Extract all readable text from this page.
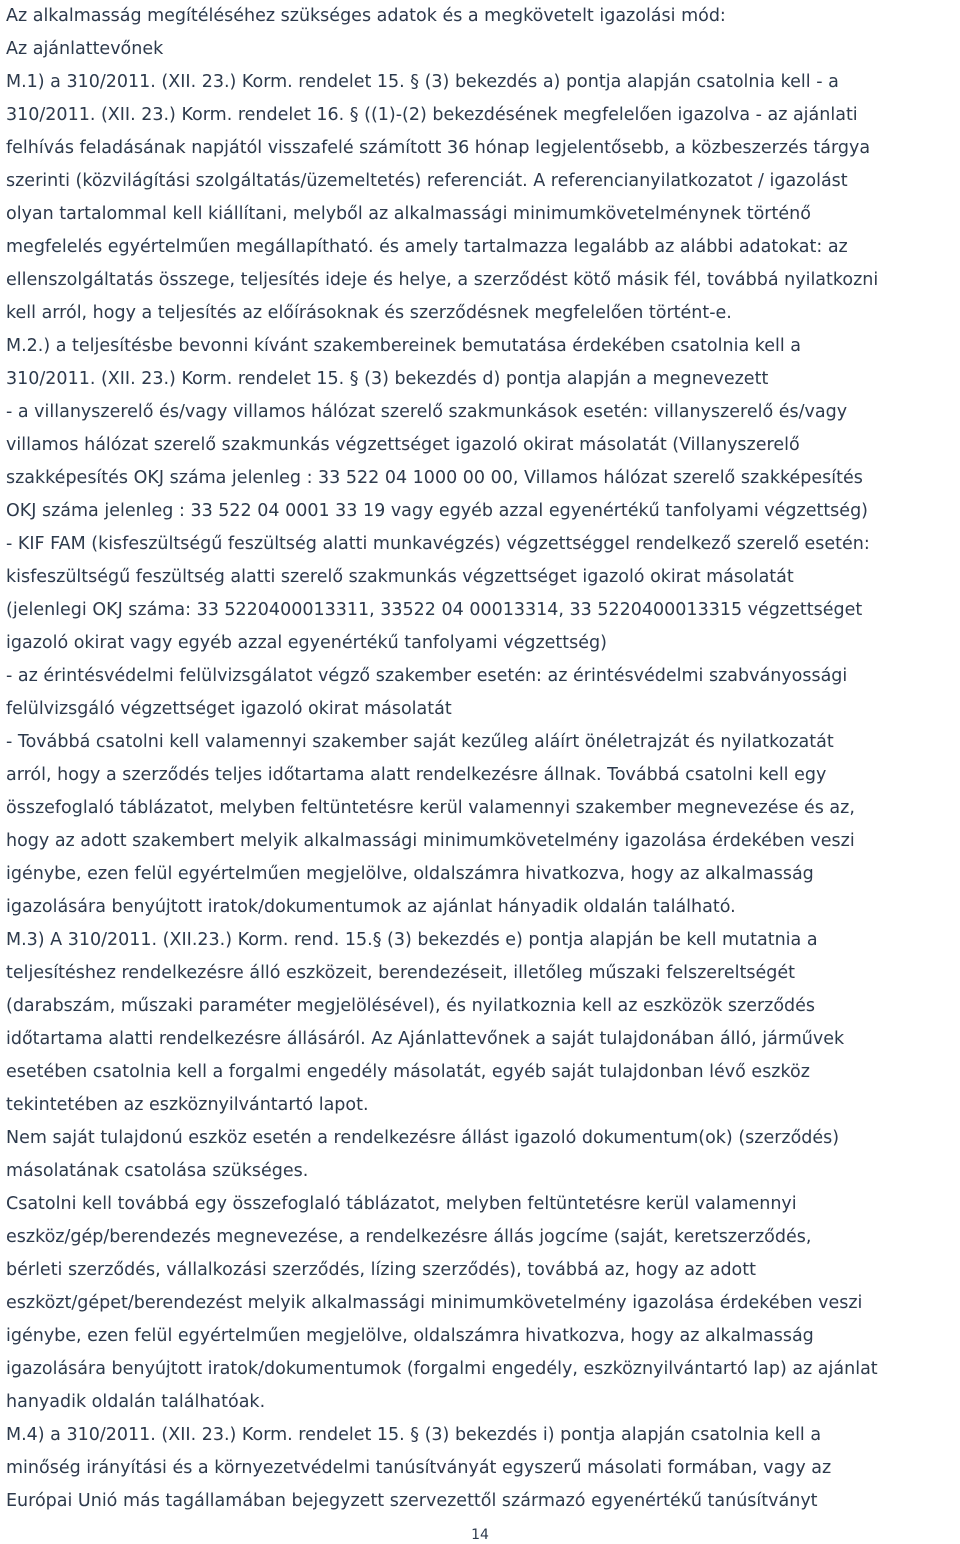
Az alkalmasság megítéléséhez szükséges adatok és a megkövetelt igazolási mód:
Az ajánlattevőnek
M.1) a 310/2011. (XII. 23.) Korm. rendelet 15. § (3) bekezdés a) pontja alapján csatolnia kell - a
310/2011. (XII. 23.) Korm. rendelet 16. § ((1)-(2) bekezdésének megfelelően igazolva - az ajánlati
felhívás feladásának napjától visszafelé számított 36 hónap legjelentősebb, a közbeszerzés tárgya
szerinti (közvilágítási szolgáltatás/üzemeltetés) referenciát. A referencianyilatkozatot / igazolást
olyan tartalommal kell kiállítani, melyből az alkalmassági minimumkövetelménynek történő
megfelelés egyértelműen megállapítható. és amely tartalmazza legalább az alábbi adatokat: az
ellenszolgáltatás összege, teljesítés ideje és helye, a szerződést kötő másik fél, továbbá nyilatkozni
kell arról, hogy a teljesítés az előírásoknak és szerződésnek megfelelően történt-e.
M.2.) a teljesítésbe bevonni kívánt szakembereinek bemutatása érdekében csatolnia kell a
310/2011. (XII. 23.) Korm. rendelet 15. § (3) bekezdés d) pontja alapján a megnevezett
- a villanyszerelő és/vagy villamos hálózat szerelő szakmunkások esetén: villanyszerelő és/vagy
villamos hálózat szerelő szakmunkás végzettséget igazoló okirat másolatát (Villanyszerelő
szakképesítés OKJ száma jelenleg : 33 522 04 1000 00 00, Villamos hálózat szerelő szakképesítés
OKJ száma jelenleg : 33 522 04 0001 33 19 vagy egyéb azzal egyenértékű tanfolyami végzettség)
- KIF FAM (kisfeszültségű feszültség alatti munkavégzés) végzettséggel rendelkező szerelő esetén:
kisfeszültségű feszültség alatti szerelő szakmunkás végzettséget igazoló okirat másolatát
(jelenlegi OKJ száma: 33 5220400013311, 33522 04 00013314, 33 5220400013315 végzettséget
igazoló okirat vagy egyéb azzal egyenértékű tanfolyami végzettség)
- az érintésvédelmi felülvizsgálatot végző szakember esetén: az érintésvédelmi szabványossági
felülvizsgáló végzettséget igazoló okirat másolatát
- Továbbá csatolni kell valamennyi szakember saját kezűleg aláírt önéletrajzát és nyilatkozatát
arról, hogy a szerződés teljes időtartama alatt rendelkezésre állnak. Továbbá csatolni kell egy
összefoglaló táblázatot, melyben feltüntetésre kerül valamennyi szakember megnevezése és az,
hogy az adott szakembert melyik alkalmassági minimumkövetelmény igazolása érdekében veszi
igénybe, ezen felül egyértelműen megjelölve, oldalszámra hivatkozva, hogy az alkalmasság
igazolására benyújtott iratok/dokumentumok az ajánlat hányadik oldalán található.
M.3) A 310/2011. (XII.23.) Korm. rend. 15.§ (3) bekezdés e) pontja alapján be kell mutatnia a
teljesítéshez rendelkezésre álló eszközeit, berendezéseit, illetőleg műszaki felszereltségét
(darabszám, műszaki paraméter megjelölésével), és nyilatkoznia kell az eszközök szerződés
időtartama alatti rendelkezésre állásáról. Az Ajánlattevőnek a saját tulajdonában álló, járművek
esetében csatolnia kell a forgalmi engedély másolatát, egyéb saját tulajdonban lévő eszköz
tekintetében az eszköznyilvántartó lapot.
Nem saját tulajdonú eszköz esetén a rendelkezésre állást igazoló dokumentum(ok) (szerződés)
másolatának csatolása szükséges.
Csatolni kell továbbá egy összefoglaló táblázatot, melyben feltüntetésre kerül valamennyi
eszköz/gép/berendezés megnevezése, a rendelkezésre állás jogcíme (saját, keretszerződés,
bérleti szerződés, vállalkozási szerződés, lízing szerződés), továbbá az, hogy az adott
eszközt/gépet/berendezést melyik alkalmassági minimumkövetelmény igazolása érdekében veszi
igénybe, ezen felül egyértelműen megjelölve, oldalszámra hivatkozva, hogy az alkalmasság
igazolására benyújtott iratok/dokumentumok (forgalmi engedély, eszköznyilvántartó lap) az ajánlat
hanyadik oldalán találhatóak.
M.4) a 310/2011. (XII. 23.) Korm. rendelet 15. § (3) bekezdés i) pontja alapján csatolnia kell a
minőség irányítási és a környezetvédelmi tanúsítványát egyszerű másolati formában, vagy az
Európai Unió más tagállamában bejegyzett szervezettől származó egyenértékű tanúsítványt
14
